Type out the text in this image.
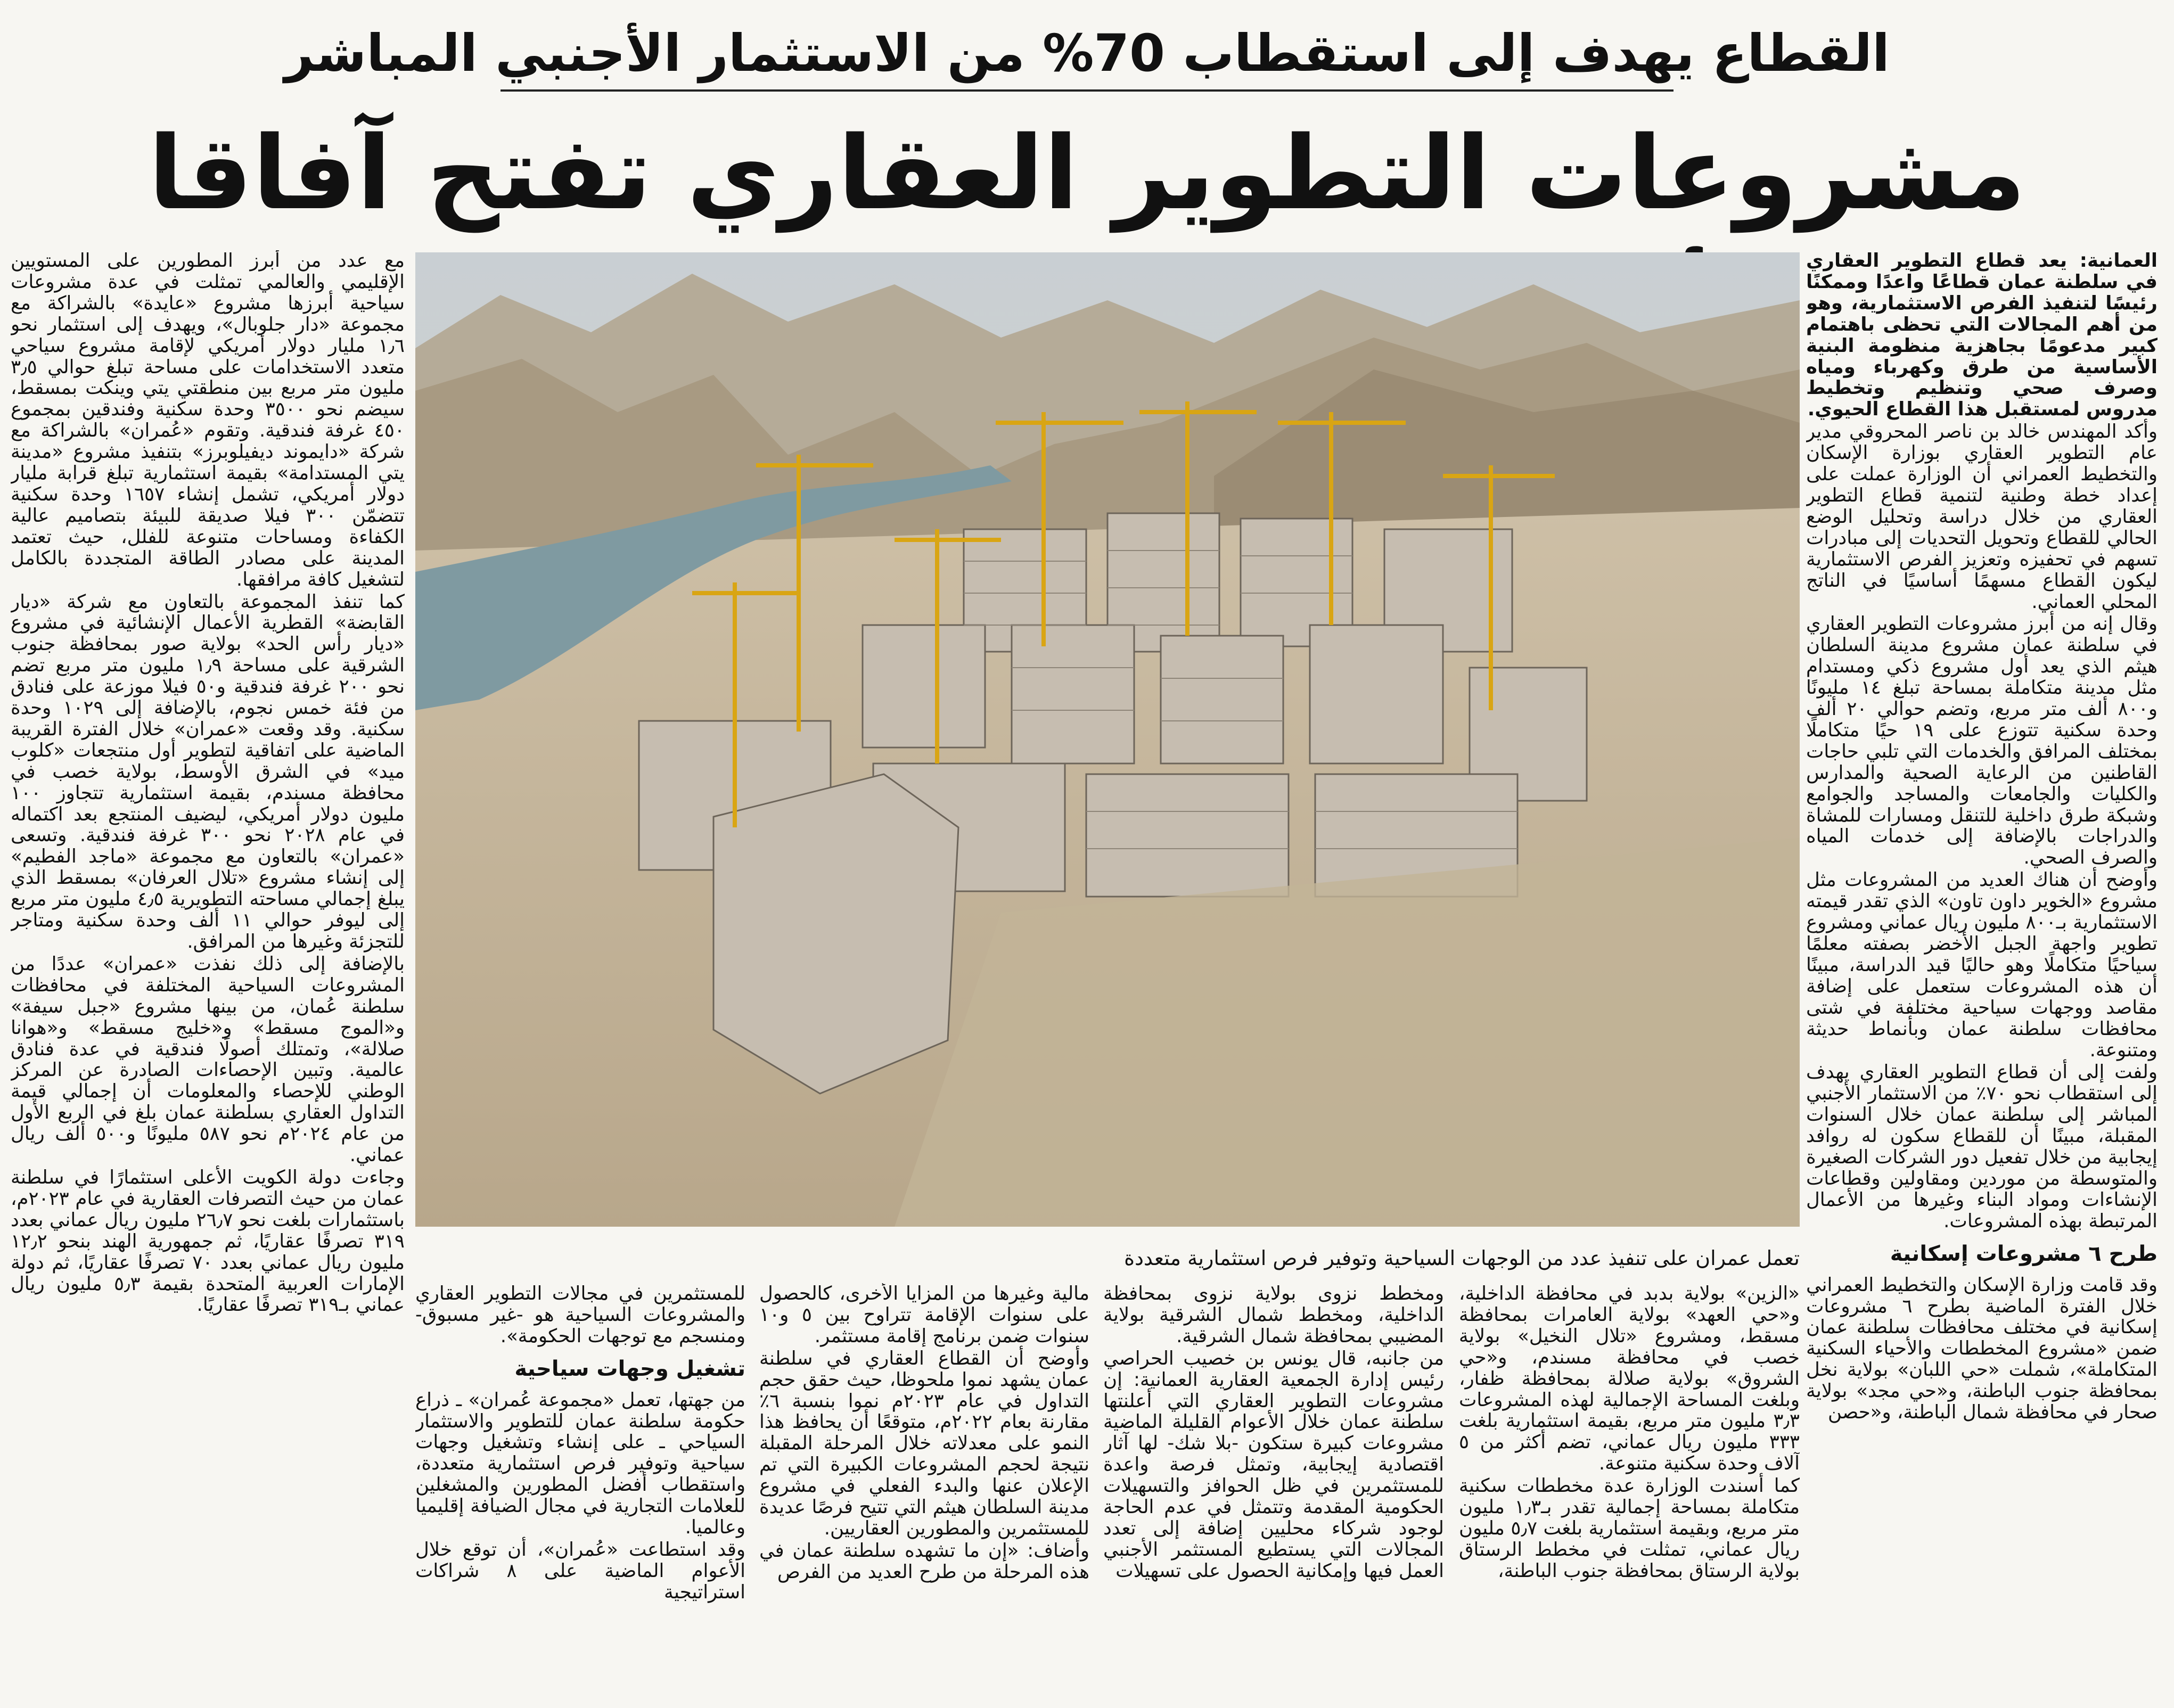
القطاع يهدف إلى استقطاب 70% من الاستثمار الأجنبي المباشر
مشروعات التطوير العقاري تفتح آفاقا

العمانية: يعد قطاع التطوير العقاري في سلطنة عمان قطاعًا واعدًا وممكنًا رئيسًا لتنفيذ الفرص الاستثمارية، وهو من أهم المجالات التي تحظى باهتمام كبير مدعومًا بجاهزية منظومة البنية الأساسية من طرق وكهرباء ومياه وصرف صحي وتنظيم وتخطيط مدروس لمستقبل هذا القطاع الحيوي.

وأكد المهندس خالد بن ناصر المحروقي مدير عام التطوير العقاري بوزارة الإسكان والتخطيط العمراني أن الوزارة عملت على إعداد خطة وطنية لتنمية قطاع التطوير العقاري من خلال دراسة وتحليل الوضع الحالي للقطاع وتحويل التحديات إلى مبادرات تسهم في تحفيزه وتعزيز الفرص الاستثمارية ليكون القطاع مسهمًا أساسيًا في الناتج المحلي العماني.

وقال إنه من أبرز مشروعات التطوير العقاري في سلطنة عمان مشروع مدينة السلطان هيثم الذي يعد أول مشروع ذكي ومستدام مثل مدينة متكاملة بمساحة تبلغ ١٤ مليونًا و٨٠٠ ألف متر مربع، وتضم حوالي ٢٠ ألف وحدة سكنية تتوزع على ١٩ حيًا متكاملًا بمختلف المرافق والخدمات التي تلبي حاجات القاطنين من الرعاية الصحية والمدارس والكليات والجامعات والمساجد والجوامع وشبكة طرق داخلية للتنقل ومسارات للمشاة والدراجات بالإضافة إلى خدمات المياه والصرف الصحي.

وأوضح أن هناك العديد من المشروعات مثل مشروع «الخوير داون تاون» الذي تقدر قيمته الاستثمارية بـ٨٠٠ مليون ريال عماني ومشروع تطوير واجهة الجبل الأخضر بصفته معلمًا سياحيًا متكاملًا وهو حاليًا قيد الدراسة، مبينًا أن هذه المشروعات ستعمل على إضافة مقاصد ووجهات سياحية مختلفة في شتى محافظات سلطنة عمان وبأنماط حديثة ومتنوعة.

ولفت إلى أن قطاع التطوير العقاري يهدف إلى استقطاب نحو ٧٠٪ من الاستثمار الأجنبي المباشر إلى سلطنة عمان خلال السنوات المقبلة، مبينًا أن للقطاع سكون له روافد إيجابية من خلال تفعيل دور الشركات الصغيرة والمتوسطة من موردين ومقاولين وقطاعات الإنشاءات ومواد البناء وغيرها من الأعمال المرتبطة بهذه المشروعات.

طرح ٦ مشروعات إسكانية

وقد قامت وزارة الإسكان والتخطيط العمراني خلال الفترة الماضية بطرح ٦ مشروعات إسكانية في مختلف محافظات سلطنة عمان ضمن «مشروع المخططات والأحياء السكنية المتكاملة»، شملت «حي اللبان» بولاية نخل بمحافظة جنوب الباطنة، و«حي مجد» بولاية صحار في محافظة شمال الباطنة، و«حصن

تعمل عمران على تنفيذ عدد من الوجهات السياحية وتوفير فرص استثمارية متعددة

مع عدد من أبرز المطورين على المستويين الإقليمي والعالمي تمثلت في عدة مشروعات سياحية أبرزها مشروع «عايدة» بالشراكة مع مجموعة «دار جلوبال»، ويهدف إلى استثمار نحو ١٫٦ مليار دولار أمريكي لإقامة مشروع سياحي متعدد الاستخدامات على مساحة تبلغ حوالي ٣٫٥ مليون متر مربع بين منطقتي يتي وينكت بمسقط، سيضم نحو ٣٥٠٠ وحدة سكنية وفندقين بمجموع ٤٥٠ غرفة فندقية. وتقوم «عُمران» بالشراكة مع شركة «دايموند ديفيلوبرز» بتنفيذ مشروع «مدينة يتي المستدامة» بقيمة استثمارية تبلغ قرابة مليار دولار أمريكي، تشمل إنشاء ١٦٥٧ وحدة سكنية تتضمّن ٣٠٠ فيلا صديقة للبيئة بتصاميم عالية الكفاءة ومساحات متنوعة للفلل، حيث تعتمد المدينة على مصادر الطاقة المتجددة بالكامل لتشغيل كافة مرافقها.

كما تنفذ المجموعة بالتعاون مع شركة «ديار القابضة» القطرية الأعمال الإنشائية في مشروع «ديار رأس الحد» بولاية صور بمحافظة جنوب الشرقية على مساحة ١٫٩ مليون متر مربع تضم نحو ٢٠٠ غرفة فندقية و٥٠ فيلا موزعة على فنادق من فئة خمس نجوم، بالإضافة إلى ١٠٢٩ وحدة سكنية. وقد وقعت «عمران» خلال الفترة القريبة الماضية على اتفاقية لتطوير أول منتجعات «كلوب ميد» في الشرق الأوسط، بولاية خصب في محافظة مسندم، بقيمة استثمارية تتجاوز ١٠٠ مليون دولار أمريكي، ليضيف المنتجع بعد اكتماله في عام ٢٠٢٨ نحو ٣٠٠ غرفة فندقية. وتسعى «عمران» بالتعاون مع مجموعة «ماجد الفطيم» إلى إنشاء مشروع «تلال العرفان» بمسقط الذي يبلغ إجمالي مساحته التطويرية ٤٫٥ مليون متر مربع إلى ليوفر حوالي ١١ ألف وحدة سكنية ومتاجر للتجزئة وغيرها من المرافق.

بالإضافة إلى ذلك نفذت «عمران» عددًا من المشروعات السياحية المختلفة في محافظات سلطنة عُمان، من بينها مشروع «جبل سيفة» و«الموج مسقط» و«خليج مسقط» و«هوانا صلالة»، وتمتلك أصولًا فندقية في عدة فنادق عالمية. وتبين الإحصاءات الصادرة عن المركز الوطني للإحصاء والمعلومات أن إجمالي قيمة التداول العقاري بسلطنة عمان بلغ في الربع الأول من عام ٢٠٢٤م نحو ٥٨٧ مليونًا و٥٠٠ ألف ريال عماني.

وجاءت دولة الكويت الأعلى استثمارًا في سلطنة عمان من حيث التصرفات العقارية في عام ٢٠٢٣م، باستثمارات بلغت نحو ٢٦٫٧ مليون ريال عماني بعدد ٣١٩ تصرفًا عقاريًا، ثم جمهورية الهند بنحو ١٢٫٢ مليون ريال عماني بعدد ٧٠ تصرفًا عقاريًا، ثم دولة الإمارات العربية المتحدة بقيمة ٥٫٣ مليون ريال عماني بـ٣١٩ تصرفًا عقاريًا.

«الزين» بولاية بدبد في محافظة الداخلية، و«حي العهد» بولاية العامرات بمحافظة مسقط، ومشروع «تلال النخيل» بولاية خصب في محافظة مسندم، و«حي الشروق» بولاية صلالة بمحافظة ظفار، وبلغت المساحة الإجمالية لهذه المشروعات ٣٫٣ مليون متر مربع، بقيمة استثمارية بلغت ٣٣٣ مليون ريال عماني، تضم أكثر من ٥ آلاف وحدة سكنية متنوعة.

كما أسندت الوزارة عدة مخططات سكنية متكاملة بمساحة إجمالية تقدر بـ١٫٣ مليون متر مربع، وبقيمة استثمارية بلغت ٥٫٧ مليون ريال عماني، تمثلت في مخطط الرستاق بولاية الرستاق بمحافظة جنوب الباطنة،

ومخطط نزوى بولاية نزوى بمحافظة الداخلية، ومخطط شمال الشرقية بولاية المضيبي بمحافظة شمال الشرقية.

من جانبه، قال يونس بن خصيب الحراصي رئيس إدارة الجمعية العقارية العمانية: إن مشروعات التطوير العقاري التي أعلنتها سلطنة عمان خلال الأعوام القليلة الماضية مشروعات كبيرة ستكون -بلا شك- لها آثار اقتصادية إيجابية، وتمثل فرصة واعدة للمستثمرين في ظل الحوافز والتسهيلات الحكومية المقدمة وتتمثل في عدم الحاجة لوجود شركاء محليين إضافة إلى تعدد المجالات التي يستطيع المستثمر الأجنبي العمل فيها وإمكانية الحصول على تسهيلات

مالية وغيرها من المزايا الأخرى، كالحصول على سنوات الإقامة تتراوح بين ٥ و١٠ سنوات ضمن برنامج إقامة مستثمر.

وأوضح أن القطاع العقاري في سلطنة عمان يشهد نموا ملحوظا، حيث حقق حجم التداول في عام ٢٠٢٣م نموا بنسبة ٦٪ مقارنة بعام ٢٠٢٢م، متوقعًا أن يحافظ هذا النمو على معدلاته خلال المرحلة المقبلة نتيجة لحجم المشروعات الكبيرة التي تم الإعلان عنها والبدء الفعلي في مشروع مدينة السلطان هيثم التي تتيح فرصًا عديدة للمستثمرين والمطورين العقاريين.

وأضاف: «إن ما تشهده سلطنة عمان في هذه المرحلة من طرح العديد من الفرص

للمستثمرين في مجالات التطوير العقاري والمشروعات السياحية هو -غير مسبوق- ومنسجم مع توجهات الحكومة».

تشغيل وجهات سياحية

من جهتها، تعمل «مجموعة عُمران» ـ ذراع حكومة سلطنة عمان للتطوير والاستثمار السياحي ـ على إنشاء وتشغيل وجهات سياحية وتوفير فرص استثمارية متعددة، واستقطاب أفضل المطورين والمشغلين للعلامات التجارية في مجال الضيافة إقليميا وعالميا.

وقد استطاعت «عُمران»، أن توقع خلال الأعوام الماضية على ٨ شراكات استراتيجية
